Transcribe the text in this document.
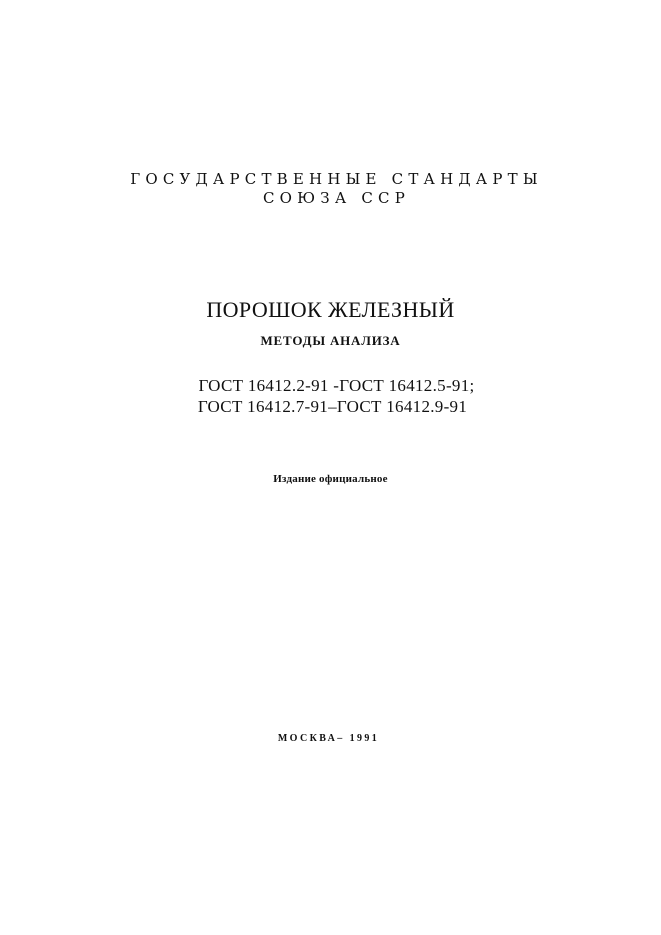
ГОСУДАРСТВЕННЫЕ СТАНДАРТЫ
СОЮЗА ССР
ПОРОШОК ЖЕЛЕЗНЫЙ
МЕТОДЫ АНАЛИЗА
ГОСТ 16412.2-91 -ГОСТ 16412.5-91;
ГОСТ 16412.7-91–ГОСТ 16412.9-91
Издание официальное
МОСКВА– 1991
